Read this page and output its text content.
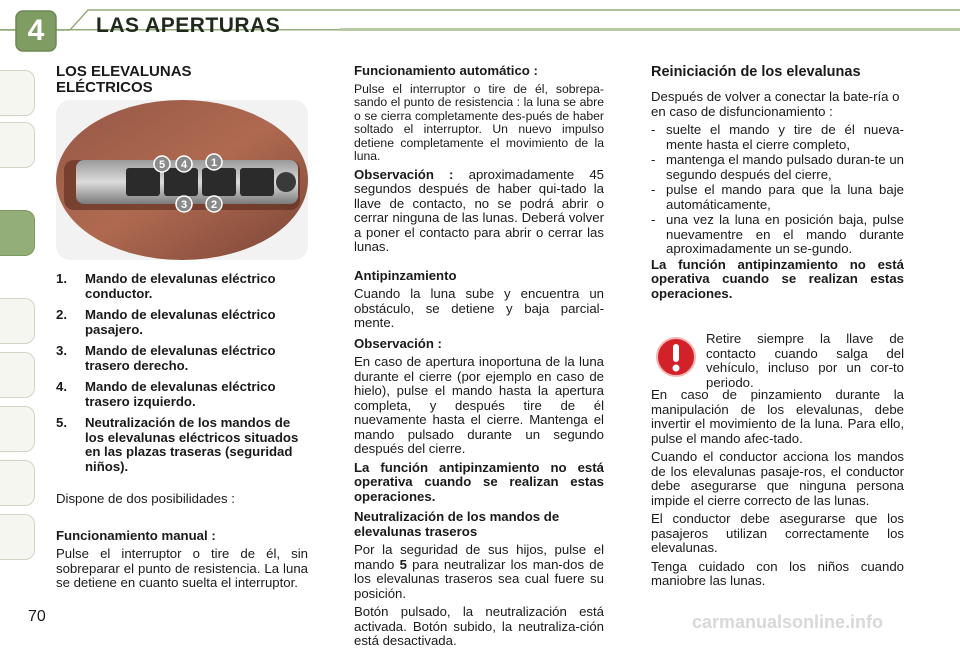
4	LAS APERTURAS
LOS ELEVALUNAS ELÉCTRICOS
5 4 1
3 2
1. Mando de elevalunas eléctrico conductor.
2. Mando de elevalunas eléctrico pasajero.
3. Mando de elevalunas eléctrico trasero derecho.
4. Mando de elevalunas eléctrico trasero izquierdo.
5. Neutralización de los mandos de los elevalunas eléctricos situados en las plazas traseras (seguridad niños).

Dispone de dos posibilidades :

Funcionamiento manual :

Pulse el interruptor o tire de él, sin sobreparar el punto de resistencia. La luna se detiene en cuanto suelta el interruptor.

Funcionamiento automático :

Pulse el interruptor o tire de él, sobrepa-sando el punto de resistencia : la luna se abre o se cierra completamente des-pués de haber soltado el interruptor. Un nuevo impulso detiene completamente el movimiento de la luna.

Observación : aproximadamente 45 segundos después de haber qui-tado la llave de contacto, no se podrá abrir o cerrar ninguna de las lunas. Deberá volver a poner el contacto para abrir o cerrar las lunas.

Antipinzamiento

Cuando la luna sube y encuentra un obstáculo, se detiene y baja parcial-mente.

Observación :

En caso de apertura inoportuna de la luna durante el cierre (por ejemplo en caso de hielo), pulse el mando hasta la apertura completa, y después tire de él nuevamente hasta el cierre. Mantenga el mando pulsado durante un segundo después del cierre.

La función antipinzamiento no está operativa cuando se realizan estas operaciones.

Neutralización de los mandos de elevalunas traseros

Por la seguridad de sus hijos, pulse el mando 5 para neutralizar los man-dos de los elevalunas traseros sea cual fuere su posición.

Botón pulsado, la neutralización está activada. Botón subido, la neutraliza-ción está desactivada.

Reiniciación de los elevalunas

Después de volver a conectar la bate-ría o en caso de disfuncionamiento :

- suelte el mando y tire de él nueva-mente hasta el cierre completo,
- mantenga el mando pulsado duran-te un segundo después del cierre,
- pulse el mando para que la luna baje automáticamente,
- una vez la luna en posición baja, pulse nuevamentre en el mando durante aproximadamente un se-gundo.

La función antipinzamiento no está operativa cuando se realizan estas operaciones.

Retire siempre la llave de contacto cuando salga del vehículo, incluso por un cor-to periodo.

En caso de pinzamiento durante la manipulación de los elevalunas, debe invertir el movimiento de la luna. Para ello, pulse el mando afec-tado.

Cuando el conductor acciona los mandos de los elevalunas pasaje-ros, el conductor debe asegurarse que ninguna persona impide el cierre correcto de las lunas.

El conductor debe asegurarse que los pasajeros utilizan correctamente los elevalunas.

Tenga cuidado con los niños cuando maniobre las lunas.

70	carmanualsonline.info
